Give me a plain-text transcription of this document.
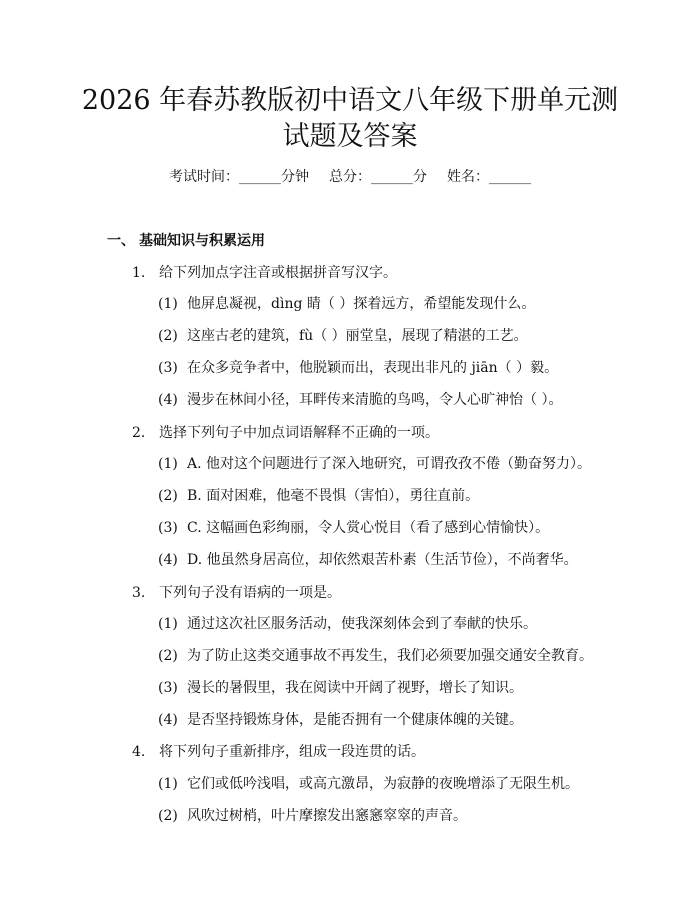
2026 年春苏教版初中语文八年级下册单元测
试题及答案
考试时间：______分钟 总分：______分 姓名：______
一、 基础知识与积累运用
1. 给下列加点字注音或根据拼音写汉字。
(1) 他屏息凝视，dìng 睛（ ）探着远方，希望能发现什么。
(2) 这座古老的建筑，fù（ ）丽堂皇，展现了精湛的工艺。
(3) 在众多竞争者中，他脱颖而出，表现出非凡的 jiān（ ）毅。
(4) 漫步在林间小径，耳畔传来清脆的鸟鸣，令人心旷神怡（ ）。
2. 选择下列句子中加点词语解释不正确的一项。
(1) A. 他对这个问题进行了深入地研究，可谓孜孜不倦（勤奋努力）。
(2) B. 面对困难，他毫不畏惧（害怕），勇往直前。
(3) C. 这幅画色彩绚丽，令人赏心悦目（看了感到心情愉快）。
(4) D. 他虽然身居高位，却依然艰苦朴素（生活节俭），不尚奢华。
3. 下列句子没有语病的一项是。
(1) 通过这次社区服务活动，使我深刻体会到了奉献的快乐。
(2) 为了防止这类交通事故不再发生，我们必须要加强交通安全教育。
(3) 漫长的暑假里，我在阅读中开阔了视野，增长了知识。
(4) 是否坚持锻炼身体，是能否拥有一个健康体魄的关键。
4. 将下列句子重新排序，组成一段连贯的话。
(1) 它们或低吟浅唱，或高亢激昂，为寂静的夜晚增添了无限生机。
(2) 风吹过树梢，叶片摩擦发出窸窸窣窣的声音。
